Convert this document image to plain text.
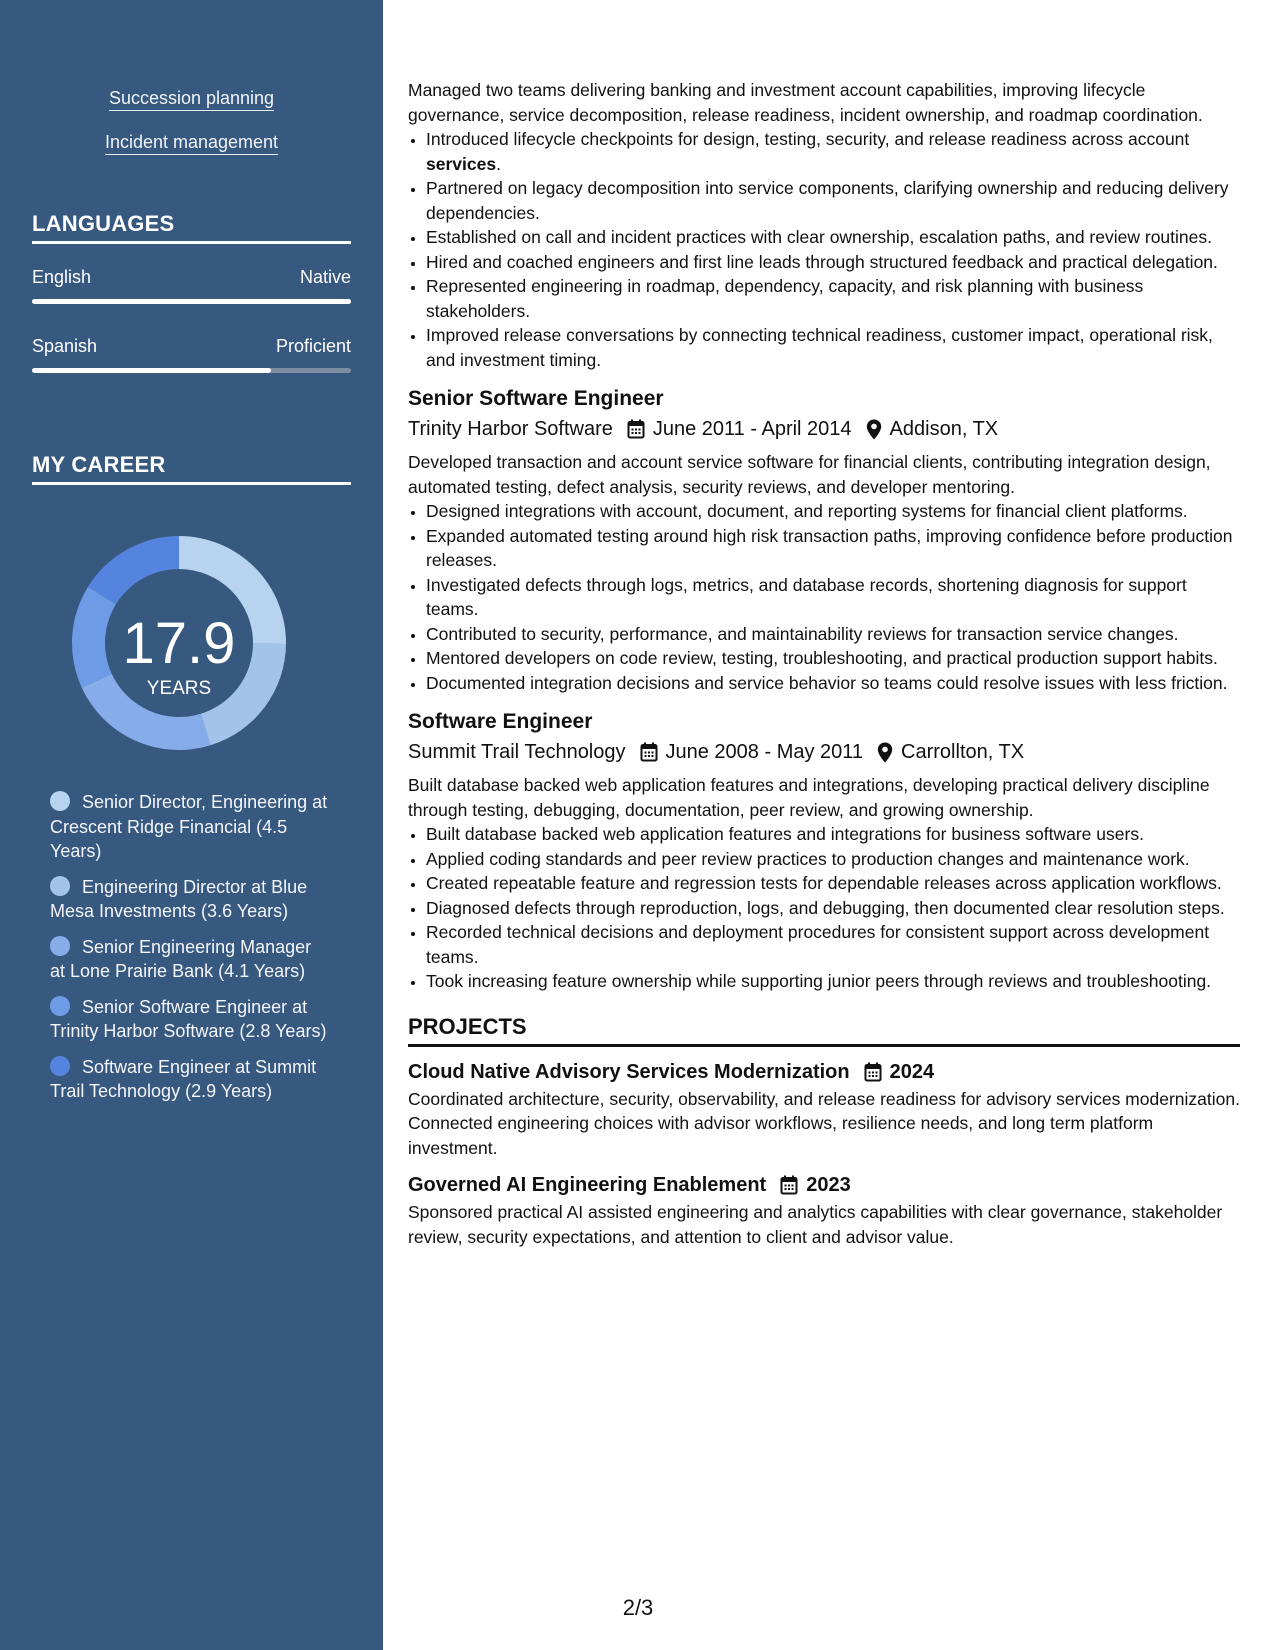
Succession planning
Incident management
LANGUAGES
English	Native
Spanish	Proficient
MY CAREER
17.9
YEARS
Senior Director, Engineering at Crescent Ridge Financial (4.5 Years)
Engineering Director at Blue Mesa Investments (3.6 Years)
Senior Engineering Manager at Lone Prairie Bank (4.1 Years)
Senior Software Engineer at Trinity Harbor Software (2.8 Years)
Software Engineer at Summit Trail Technology (2.9 Years)

Managed two teams delivering banking and investment account capabilities, improving lifecycle governance, service decomposition, release readiness, incident ownership, and roadmap coordination.

• Introduced lifecycle checkpoints for design, testing, security, and release readiness across account services.
• Partnered on legacy decomposition into service components, clarifying ownership and reducing delivery dependencies.
• Established on call and incident practices with clear ownership, escalation paths, and review routines.
• Hired and coached engineers and first line leads through structured feedback and practical delegation.
• Represented engineering in roadmap, dependency, capacity, and risk planning with business stakeholders.
• Improved release conversations by connecting technical readiness, customer impact, operational risk, and investment timing.
Senior Software Engineer
Trinity Harbor Software June 2011 - April 2014 Addison, TX

Developed transaction and account service software for financial clients, contributing integration design, automated testing, defect analysis, security reviews, and developer mentoring.

• Designed integrations with account, document, and reporting systems for financial client platforms.
• Expanded automated testing around high risk transaction paths, improving confidence before production releases.
• Investigated defects through logs, metrics, and database records, shortening diagnosis for support teams.
• Contributed to security, performance, and maintainability reviews for transaction service changes.
• Mentored developers on code review, testing, troubleshooting, and practical production support habits.
• Documented integration decisions and service behavior so teams could resolve issues with less friction.
Software Engineer
Summit Trail Technology June 2008 - May 2011 Carrollton, TX

Built database backed web application features and integrations, developing practical delivery discipline through testing, debugging, documentation, peer review, and growing ownership.

• Built database backed web application features and integrations for business software users.
• Applied coding standards and peer review practices to production changes and maintenance work.
• Created repeatable feature and regression tests for dependable releases across application workflows.
• Diagnosed defects through reproduction, logs, and debugging, then documented clear resolution steps.
• Recorded technical decisions and deployment procedures for consistent support across development teams.
• Took increasing feature ownership while supporting junior peers through reviews and troubleshooting.
PROJECTS
Cloud Native Advisory Services Modernization 2024

Coordinated architecture, security, observability, and release readiness for advisory services modernization. Connected engineering choices with advisor workflows, resilience needs, and long term platform investment.

Governed AI Engineering Enablement 2023

Sponsored practical AI assisted engineering and analytics capabilities with clear governance, stakeholder review, security expectations, and attention to client and advisor value.

2/3
